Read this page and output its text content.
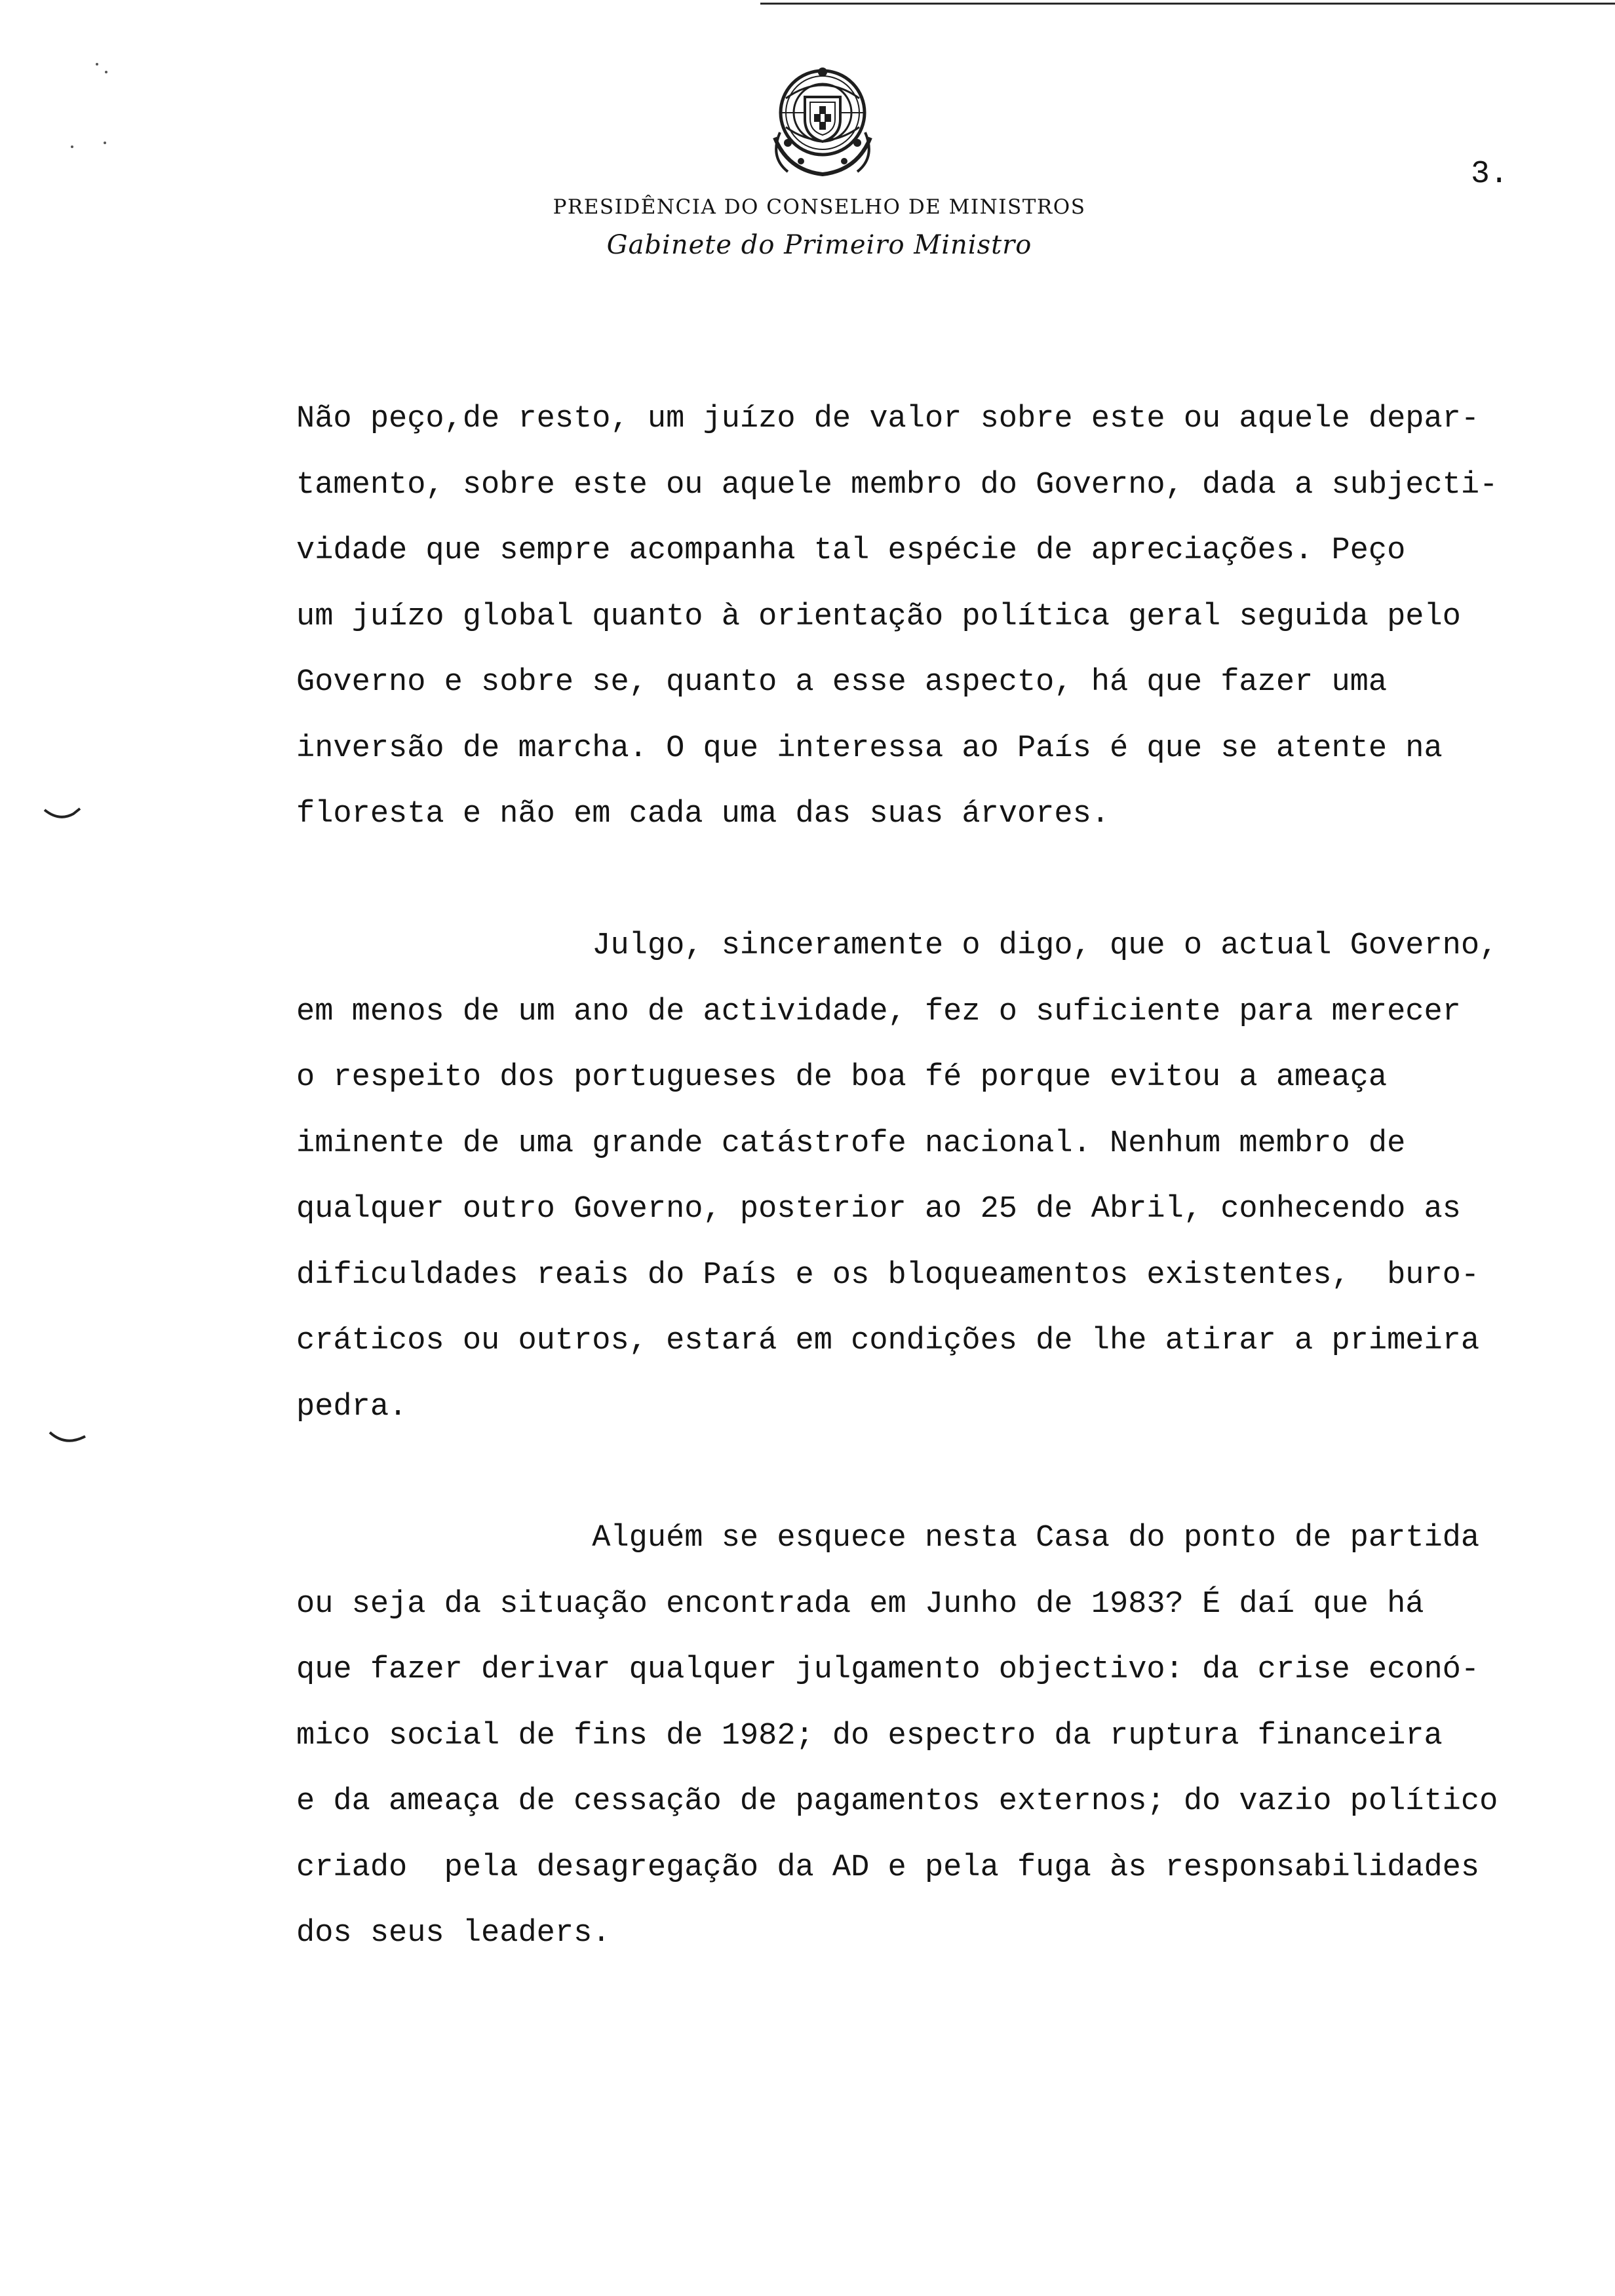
3.
PRESIDÊNCIA DO CONSELHO DE MINISTROS
Gabinete do Primeiro Ministro
Não peço,de resto, um juízo de valor sobre este ou aquele depar-
tamento, sobre este ou aquele membro do Governo, dada a subjecti-
vidade que sempre acompanha tal espécie de apreciações. Peço
um juízo global quanto à orientação política geral seguida pelo
Governo e sobre se, quanto a esse aspecto, há que fazer uma
inversão de marcha. O que interessa ao País é que se atente na
floresta e não em cada uma das suas árvores.
Julgo, sinceramente o digo, que o actual Governo,
em menos de um ano de actividade, fez o suficiente para merecer
o respeito dos portugueses de boa fé porque evitou a ameaça
iminente de uma grande catástrofe nacional. Nenhum membro de
qualquer outro Governo, posterior ao 25 de Abril, conhecendo as
dificuldades reais do País e os bloqueamentos existentes,  buro-
cráticos ou outros, estará em condições de lhe atirar a primeira
pedra.
Alguém se esquece nesta Casa do ponto de partida
ou seja da situação encontrada em Junho de 1983? É daí que há
que fazer derivar qualquer julgamento objectivo: da crise econó-
mico social de fins de 1982; do espectro da ruptura financeira
e da ameaça de cessação de pagamentos externos; do vazio político
criado  pela desagregação da AD e pela fuga às responsabilidades
dos seus leaders.
